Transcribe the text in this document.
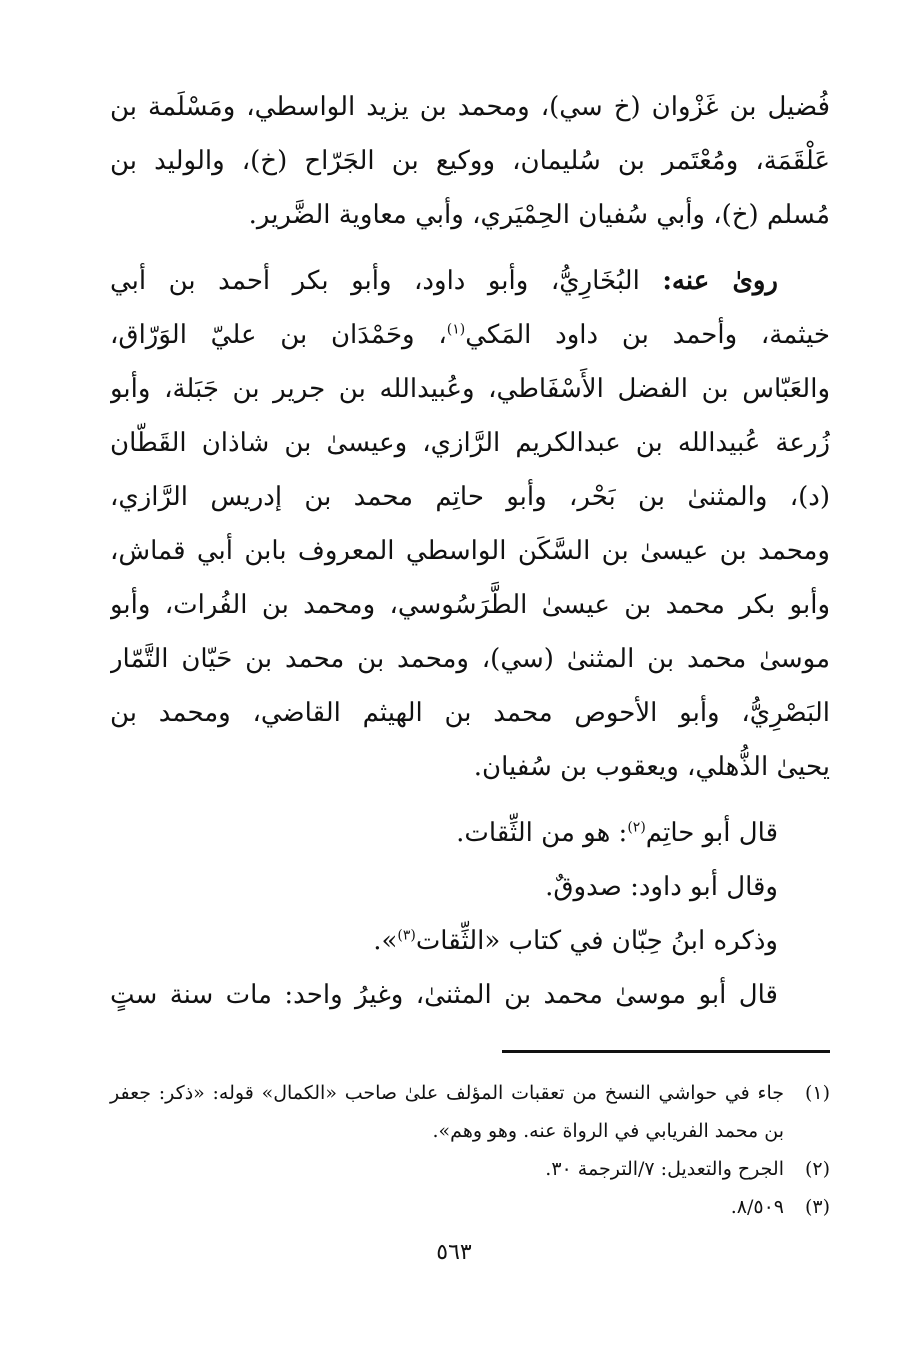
فُضيل بن غَزْوان (خ سي)، ومحمد بن يزيد الواسطي، ومَسْلَمة بن
عَلْقَمَة، ومُعْتَمر بن سُليمان، ووكيع بن الجَرّاح (خ)، والوليد بن
مُسلم (خ)، وأبي سُفيان الحِمْيَري، وأبي معاوية الضَّرير.

روىٰ عنه: البُخَارِيُّ، وأبو داود، وأبو بكر أحمد بن أبي
خيثمة، وأحمد بن داود المَكي$^{(١)}$، وحَمْدَان بن عليّ الوَرّاق،
والعَبّاس بن الفضل الأَسْفَاطي، وعُبيدالله بن جرير بن جَبَلة، وأبو
زُرعة عُبيدالله بن عبدالكريم الرَّازي، وعيسىٰ بن شاذان القَطّان
(د)، والمثنىٰ بن بَحْر، وأبو حاتِم محمد بن إدريس الرَّازي،
ومحمد بن عيسىٰ بن السَّكَن الواسطي المعروف بابن أبي قماش،
وأبو بكر محمد بن عيسىٰ الطَّرَسُوسي، ومحمد بن الفُرات، وأبو
موسىٰ محمد بن المثنىٰ (سي)، ومحمد بن محمد بن حَيّان التَّمّار
البَصْرِيُّ، وأبو الأحوص محمد بن الهيثم القاضي، ومحمد بن
يحيىٰ الذُّهلي، ويعقوب بن سُفيان.

قال أبو حاتِم$^{(٢)}$: هو من الثِّقات.
وقال أبو داود: صدوقٌ.
وذكره ابنُ حِبّان في كتاب «الثِّقات$^{(٣)}$».
قال أبو موسىٰ محمد بن المثنىٰ، وغيرُ واحد: مات سنة ستٍ

(١)
جاء في حواشي النسخ من تعقبات المؤلف علىٰ صاحب «الكمال» قوله: «ذكر: جعفر بن محمد الفريابي في الرواة عنه. وهو وهم».
(٢)
الجرح والتعديل: ٧/الترجمة ٣٠.
(٣)
٨/٥٠٩.
٥٦٣
